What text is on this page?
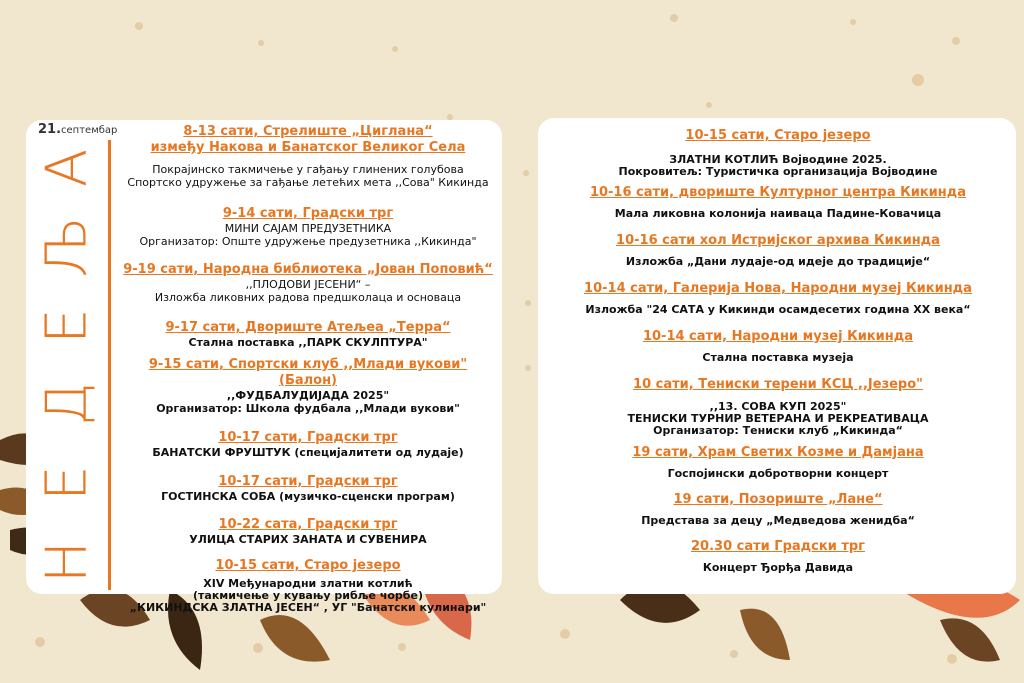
21.септембар
А
Љ
Е
Д
Е
Н
8-13 сати, Стрелиште „Циглана“
између Накова и Банатског Великог Села
Покрајинско такмичење у гађању глинених голубова
Спортско удружење за гађање летећих мета ,,Сова" Кикинда
9-14 сати, Градски трг
МИНИ САЈАМ ПРЕДУЗЕТНИКА
Организатор: Опште удружење предузетника ,,Кикинда"
9-19 сати, Народна библиотека „Јован Поповић“
,,ПЛОДОВИ ЈЕСЕНИ“ –
Изложба ликовних радова предшколаца и основаца
9-17 сати, Двориште Атељеа „Терра“
Стална поставка ,,ПАРК СКУЛПТУРА"
9-15 сати, Спортски клуб ,,Млади вукови" (Балон)
,,ФУДБАЛУДИЈАДА 2025"
Организатор: Школа фудбала ,,Млади вукови"
10-17 сати, Градски трг
БАНАТСКИ ФРУШТУК (специјалитети од лудаје)
10-17 сати, Градски трг
ГОСТИНСКА СОБА (музичко-сценски програм)
10-22 сата, Градски трг
УЛИЦА СТАРИХ ЗАНАТА И СУВЕНИРА
10-15 сати, Старо језеро
XIV Међународни златни котлић
(такмичење у кувању рибље чорбе)
„КИКИНДСКА ЗЛАТНА ЈЕСЕН“ , УГ "Банатски кулинари"
10-15 сати, Старо језеро
ЗЛАТНИ КОТЛИЋ Војводине 2025.
Покровитељ: Туристичка организација Војводине
10-16 сати, двориште Културног центра Кикинда
Мала ликовна колонија наиваца Падине-Ковачица
10-16 сати хол Истријског архива Кикинда
Изложба „Дани лудаје-од идеје до традиције“
10-14 сати, Галерија Нова, Народни музеј Кикинда
Изложба "24 САТА у Кикинди осамдесетих година XX века“
10-14 сати, Народни музеј Кикинда
Стална поставка музеја
10 сати, Тениски терени КСЦ ,,Језеро"
,,13. СОВА КУП 2025"
ТЕНИСКИ ТУРНИР ВЕТЕРАНА И РЕКРЕАТИВАЦА
Организатор: Тениски клуб „Кикинда“
19 сати, Храм Светих Козме и Дамјана
Госпојински добротворни концерт
19 сати, Позориште „Лане“
Представа за децу „Медведова женидба“
20.30 сати Градски трг
Концерт Ђорђа Давида
